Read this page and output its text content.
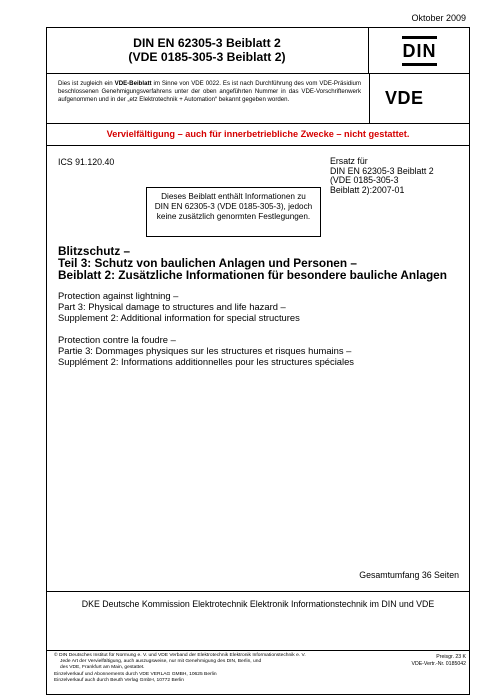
Oktober 2009
DIN EN 62305-3 Beiblatt 2
(VDE 0185-305-3 Beiblatt 2)	DIN
Dies ist zugleich ein VDE-Beiblatt im Sinne von VDE 0022. Es ist nach Durchführung des vom VDE-Präsidium beschlossenen Genehmigungsverfahrens unter der oben angeführten Nummer in das VDE-Vorschriftenwerk aufgenommen und in der „etz Elektrotechnik + Automation“ bekannt gegeben worden.	VDE
Vervielfältigung – auch für innerbetriebliche Zwecke – nicht gestattet.
ICS 91.120.40	Ersatz für
DIN EN 62305-3 Beiblatt 2
(VDE 0185-305-3
Beiblatt 2):2007-01
Dieses Beiblatt enthält Informationen zu
DIN EN 62305-3 (VDE 0185-305-3), jedoch
keine zusätzlich genormten Festlegungen.
Blitzschutz –
Teil 3: Schutz von baulichen Anlagen und Personen –
Beiblatt 2: Zusätzliche Informationen für besondere bauliche Anlagen
Protection against lightning –
Part 3: Physical damage to structures and life hazard –
Supplement 2: Additional information for special structures
Protection contre la foudre –
Partie 3: Dommages physiques sur les structures et risques humains –
Supplément 2: Informations additionnelles pour les structures spéciales
Gesamtumfang 36 Seiten
DKE Deutsche Kommission Elektrotechnik Elektronik Informationstechnik im DIN und VDE
© DIN Deutsches Institut für Normung e. V. und VDE Verband der Elektrotechnik Elektronik Informationstechnik e. V.
Jede Art der Vervielfältigung, auch auszugsweise, nur mit Genehmigung des DIN, Berlin, und
des VDE, Frankfurt am Main, gestattet.
Einzelverkauf und Abonnements durch VDE VERLAG GMBH, 10625 Berlin
Einzelverkauf auch durch Beuth Verlag GmbH, 10772 Berlin
Preisgr. 23 K
VDE-Vertr.-Nr. 0185042
